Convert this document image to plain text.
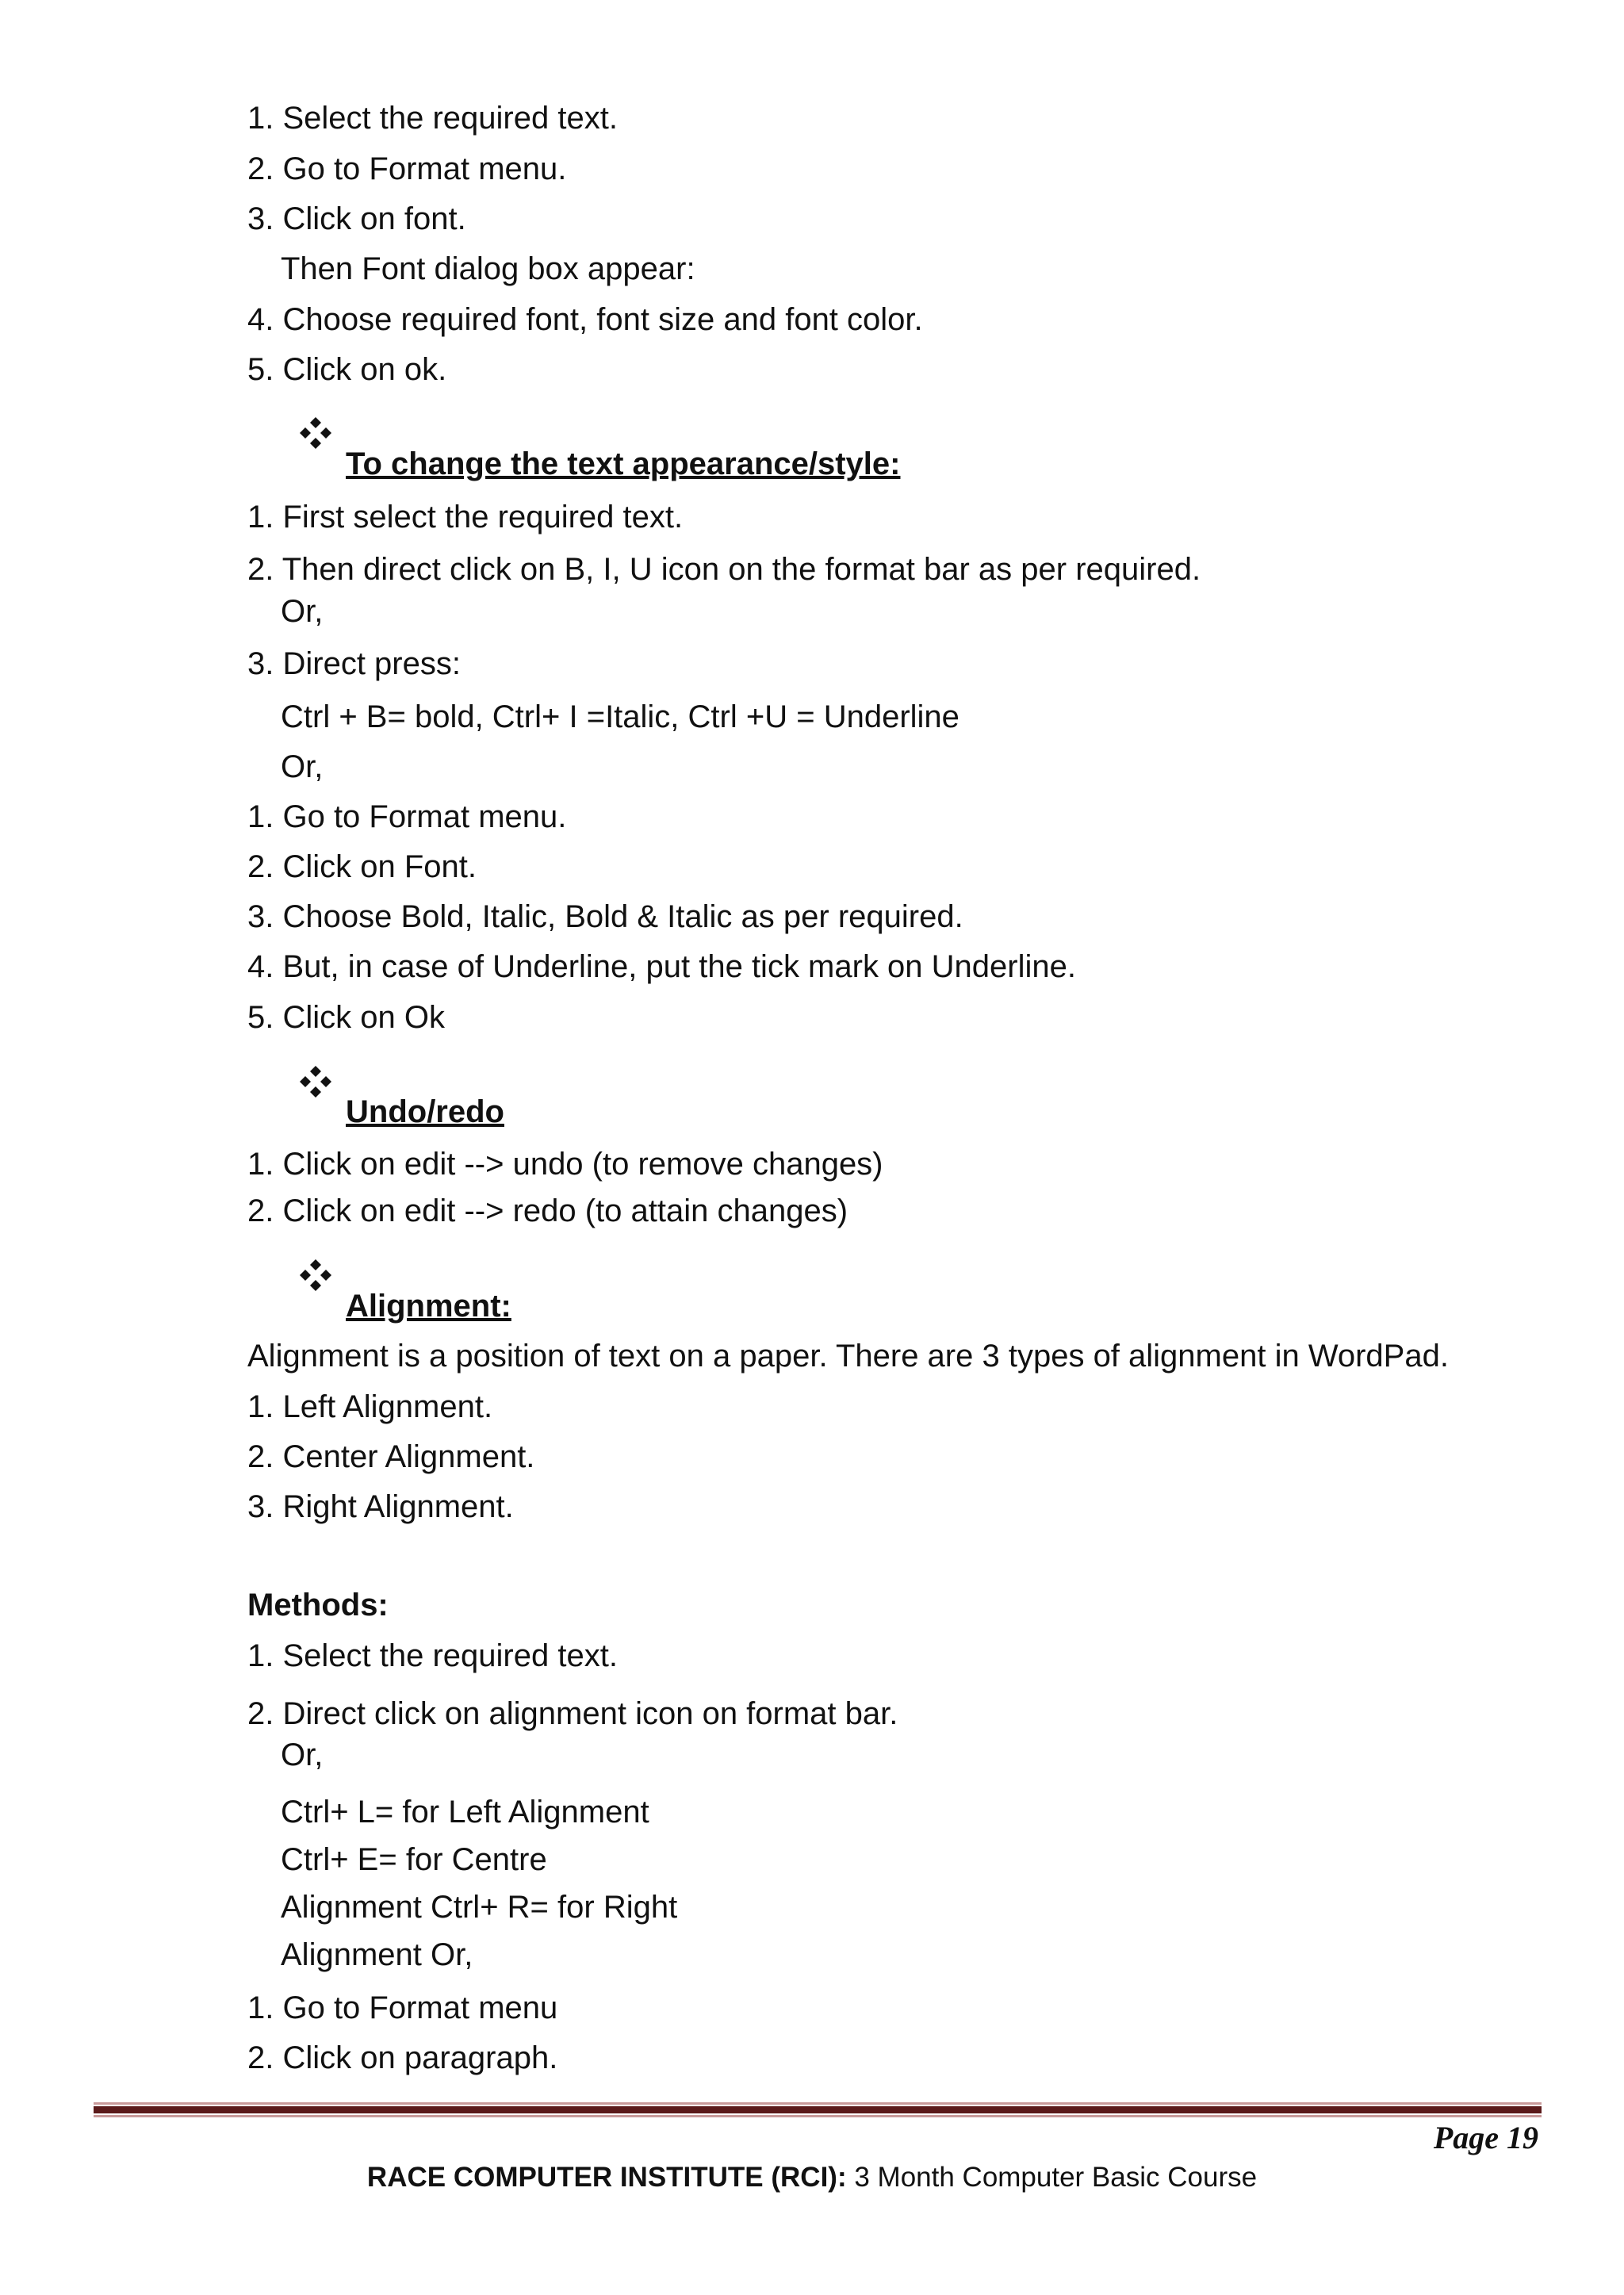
1. Select the required text.
2. Go to Format menu.
3. Click on font.
Then Font dialog box appear:
4. Choose required font, font size and font color.
5. Click on ok.
To change the text appearance/style:
1. First select the required text.
2. Then direct click on B, I, U icon on the format bar as per required.
Or,
3. Direct press:
Ctrl + B= bold, Ctrl+ I =Italic, Ctrl +U = Underline
Or,
1. Go to Format menu.
2. Click on Font.
3. Choose Bold, Italic, Bold & Italic as per required.
4. But, in case of Underline, put the tick mark on Underline.
5. Click on Ok
Undo/redo
1. Click on edit --> undo (to remove changes)
2. Click on edit --> redo (to attain changes)
Alignment:
Alignment is a position of text on a paper. There are 3 types of alignment in WordPad.
1. Left Alignment.
2. Center Alignment.
3. Right Alignment.
Methods:
1. Select the required text.
2. Direct click on alignment icon on format bar.
Or,
Ctrl+ L= for Left Alignment
Ctrl+ E= for Centre
Alignment Ctrl+ R= for Right
Alignment Or,
1. Go to Format menu
2. Click on paragraph.
Page 19
RACE COMPUTER INSTITUTE (RCI): 3 Month Computer Basic Course
